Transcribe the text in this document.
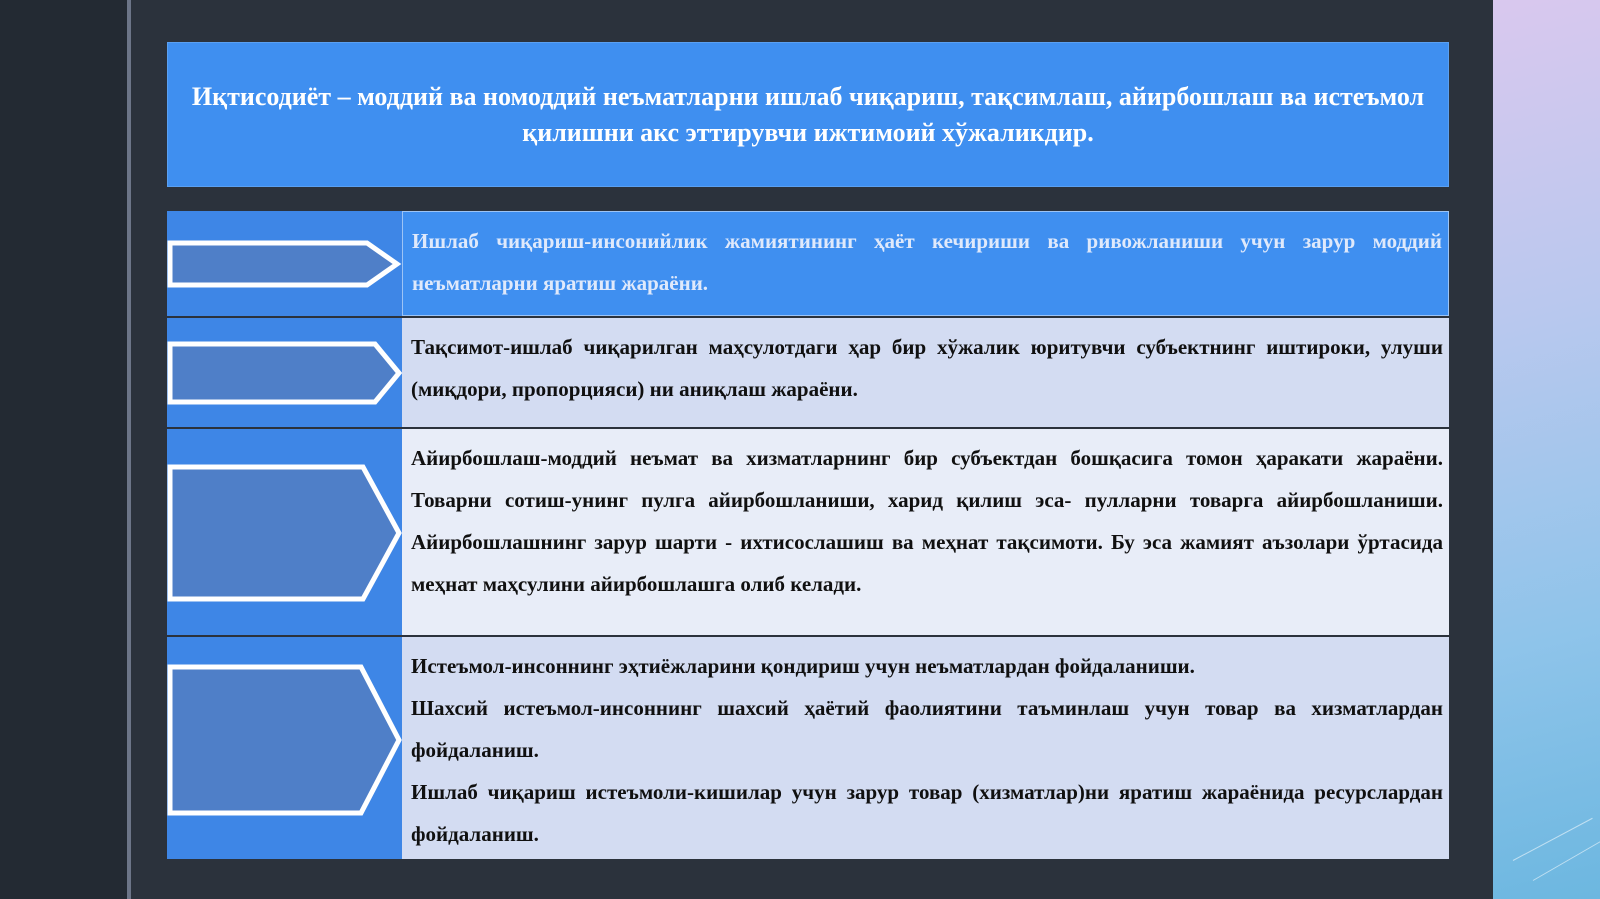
Иқтисодиёт – моддий ва номоддий неъматларни ишлаб чиқариш, тақсимлаш, айирбошлаш ва истеъмол қилишни акс эттирувчи ижтимоий хўжаликдир.

Ишлаб чиқариш-инсонийлик жамиятининг ҳаёт кечириши ва ривожланиши учун зарур моддий неъматларни яратиш жараёни.

Тақсимот-ишлаб чиқарилган маҳсулотдаги ҳар бир хўжалик юритувчи субъектнинг иштироки, улуши (миқдори, пропорцияси) ни аниқлаш жараёни.

Айирбошлаш-моддий неъмат ва хизматларнинг бир субъектдан бошқасига томон ҳаракати жараёни. Товарни сотиш-унинг пулга айирбошланиши, харид қилиш эса- пулларни товарга айирбошланиши. Айирбошлашнинг зарур шарти - ихтисослашиш ва меҳнат тақсимоти. Бу эса жамият аъзолари ўртасида меҳнат маҳсулини айирбошлашга олиб келади.

Истеъмол-инсоннинг эҳтиёжларини қондириш учун неъматлардан фойдаланиши.

Шахсий истеъмол-инсоннинг шахсий ҳаётий фаолиятини таъминлаш учун товар ва хизматлардан фойдаланиш.

Ишлаб чиқариш истеъмоли-кишилар учун зарур товар (хизматлар)ни яратиш жараёнида ресурслардан фойдаланиш.
